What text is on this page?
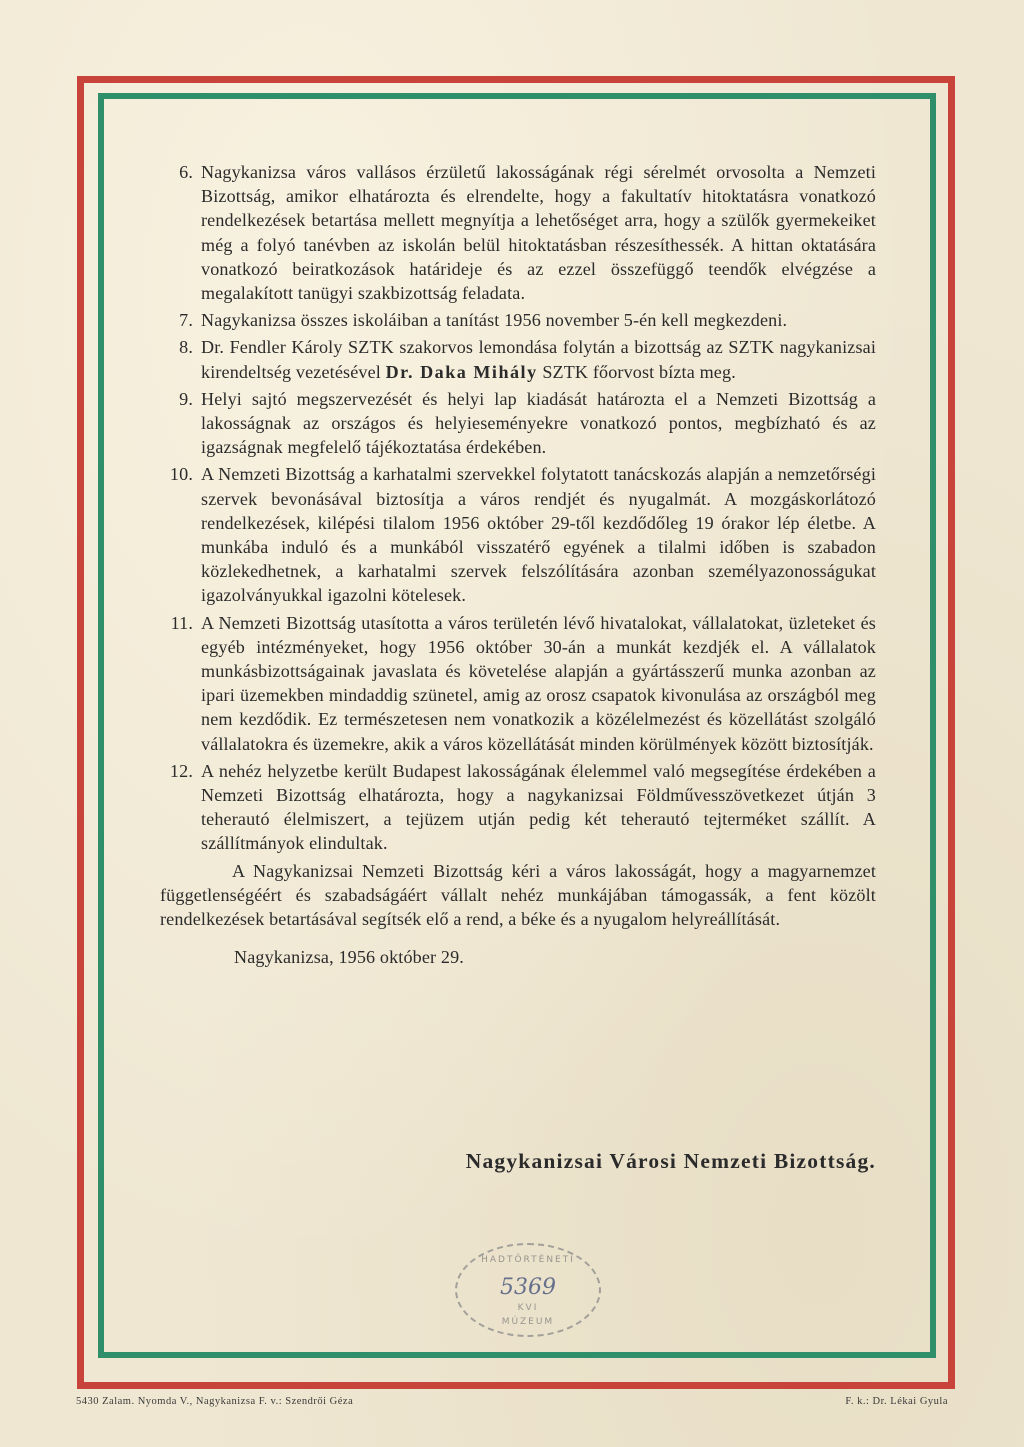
6. Nagykanizsa város vallásos érzületű lakosságának régi sérelmét orvosolta a Nemzeti Bizottság, amikor elhatározta és elrendelte, hogy a fakultatív hitoktatásra vonatkozó rendelkezések betartása mellett megnyítja a lehetőséget arra, hogy a szülők gyermekeiket még a folyó tanévben az iskolán belül hitoktatásban részesíthessék. A hittan oktatására vonatkozó beiratkozások határideje és az ezzel összefüggő teendők elvégzése a megalakított tanügyi szakbizottság feladata.
7. Nagykanizsa összes iskoláiban a tanítást 1956 november 5-én kell megkezdeni.
8. Dr. Fendler Károly SZTK szakorvos lemondása folytán a bizottság az SZTK nagykanizsai kirendeltség vezetésével Dr. Daka Mihály SZTK főorvost bízta meg.
9. Helyi sajtó megszervezését és helyi lap kiadását határozta el a Nemzeti Bizottság a lakosságnak az országos és helyieseményekre vonatkozó pontos, megbízható és az igazságnak megfelelő tájékoztatása érdekében.
10. A Nemzeti Bizottság a karhatalmi szervekkel folytatott tanácskozás alapján a nemzetőrségi szervek bevonásával biztosítja a város rendjét és nyugalmát. A mozgáskorlátozó rendelkezések, kilépési tilalom 1956 október 29-től kezdődőleg 19 órakor lép életbe. A munkába induló és a munkából visszatérő egyének a tilalmi időben is szabadon közlekedhetnek, a karhatalmi szervek felszólítására azonban személyazonosságukat igazolványukkal igazolni kötelesek.
11. A Nemzeti Bizottság utasította a város területén lévő hivatalokat, vállalatokat, üzleteket és egyéb intézményeket, hogy 1956 október 30-án a munkát kezdjék el. A vállalatok munkásbizottságainak javaslata és követelése alapján a gyártásszerű munka azonban az ipari üzemekben mindaddig szünetel, amig az orosz csapatok kivonulása az országból meg nem kezdődik. Ez természetesen nem vonatkozik a közélelmezést és közellátást szolgáló vállalatokra és üzemekre, akik a város közellátását minden körülmények között biztosítják.
12. A nehéz helyzetbe került Budapest lakosságának élelemmel való megsegítése érdekében a Nemzeti Bizottság elhatározta, hogy a nagykanizsai Földművesszövetkezet útján 3 teherautó élelmiszert, a tejüzem utján pedig két teherautó tejterméket szállít. A szállítmányok elindultak.
A Nagykanizsai Nemzeti Bizottság kéri a város lakosságát, hogy a magyarnemzet függetlenségéért és szabadságáért vállalt nehéz munkájában támogassák, a fent közölt rendelkezések betartásával segítsék elő a rend, a béke és a nyugalom helyreállítását.
Nagykanizsa, 1956 október 29.
Nagykanizsai Városi Nemzeti Bizottság.
HADTÖRTÉNETI
5369
KVI
MÚZEUM
5430 Zalam. Nyomda V., Nagykanizsa F. v.: Szendrői Géza	F. k.: Dr. Lékai Gyula
